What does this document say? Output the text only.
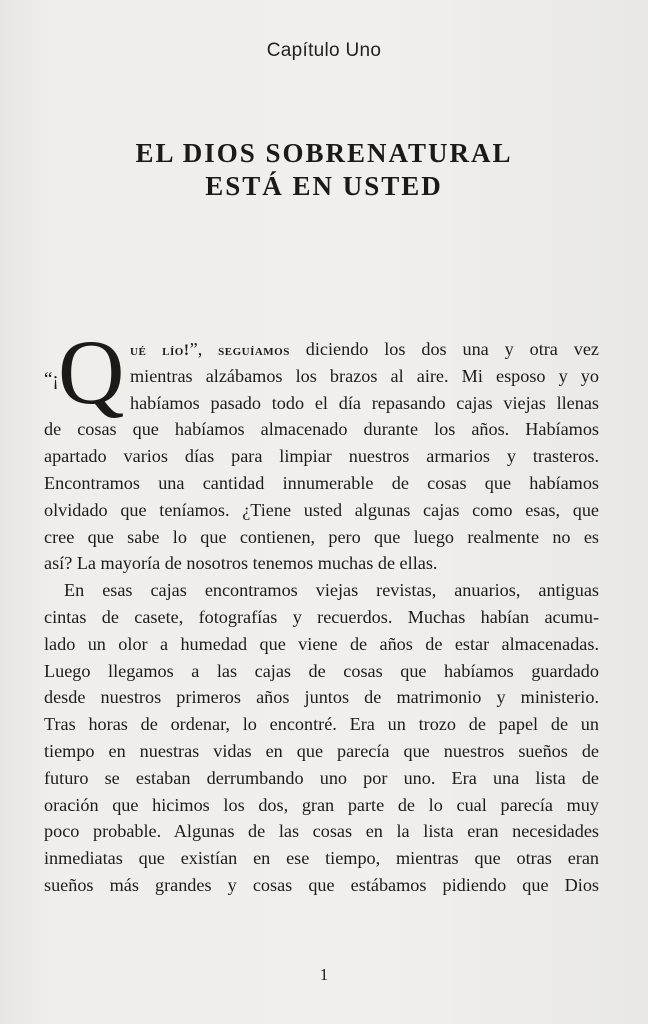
Capítulo Uno
EL DIOS SOBRENATURAL
ESTÁ EN USTED
“¡ Q ué lío!”, seguíamos diciendo los dos una y otra vez
mientras alzábamos los brazos al aire. Mi esposo y yo
habíamos pasado todo el día repasando cajas viejas llenas
de cosas que habíamos almacenado durante los años. Habíamos
apartado varios días para limpiar nuestros armarios y trasteros.
Encontramos una cantidad innumerable de cosas que habíamos
olvidado que teníamos. ¿Tiene usted algunas cajas como esas, que
cree que sabe lo que contienen, pero que luego realmente no es
así? La mayoría de nosotros tenemos muchas de ellas.
En esas cajas encontramos viejas revistas, anuarios, antiguas
cintas de casete, fotografías y recuerdos. Muchas habían acumu-
lado un olor a humedad que viene de años de estar almacenadas.
Luego llegamos a las cajas de cosas que habíamos guardado
desde nuestros primeros años juntos de matrimonio y ministerio.
Tras horas de ordenar, lo encontré. Era un trozo de papel de un
tiempo en nuestras vidas en que parecía que nuestros sueños de
futuro se estaban derrumbando uno por uno. Era una lista de
oración que hicimos los dos, gran parte de lo cual parecía muy
poco probable. Algunas de las cosas en la lista eran necesidades
inmediatas que existían en ese tiempo, mientras que otras eran
sueños más grandes y cosas que estábamos pidiendo que Dios
1
